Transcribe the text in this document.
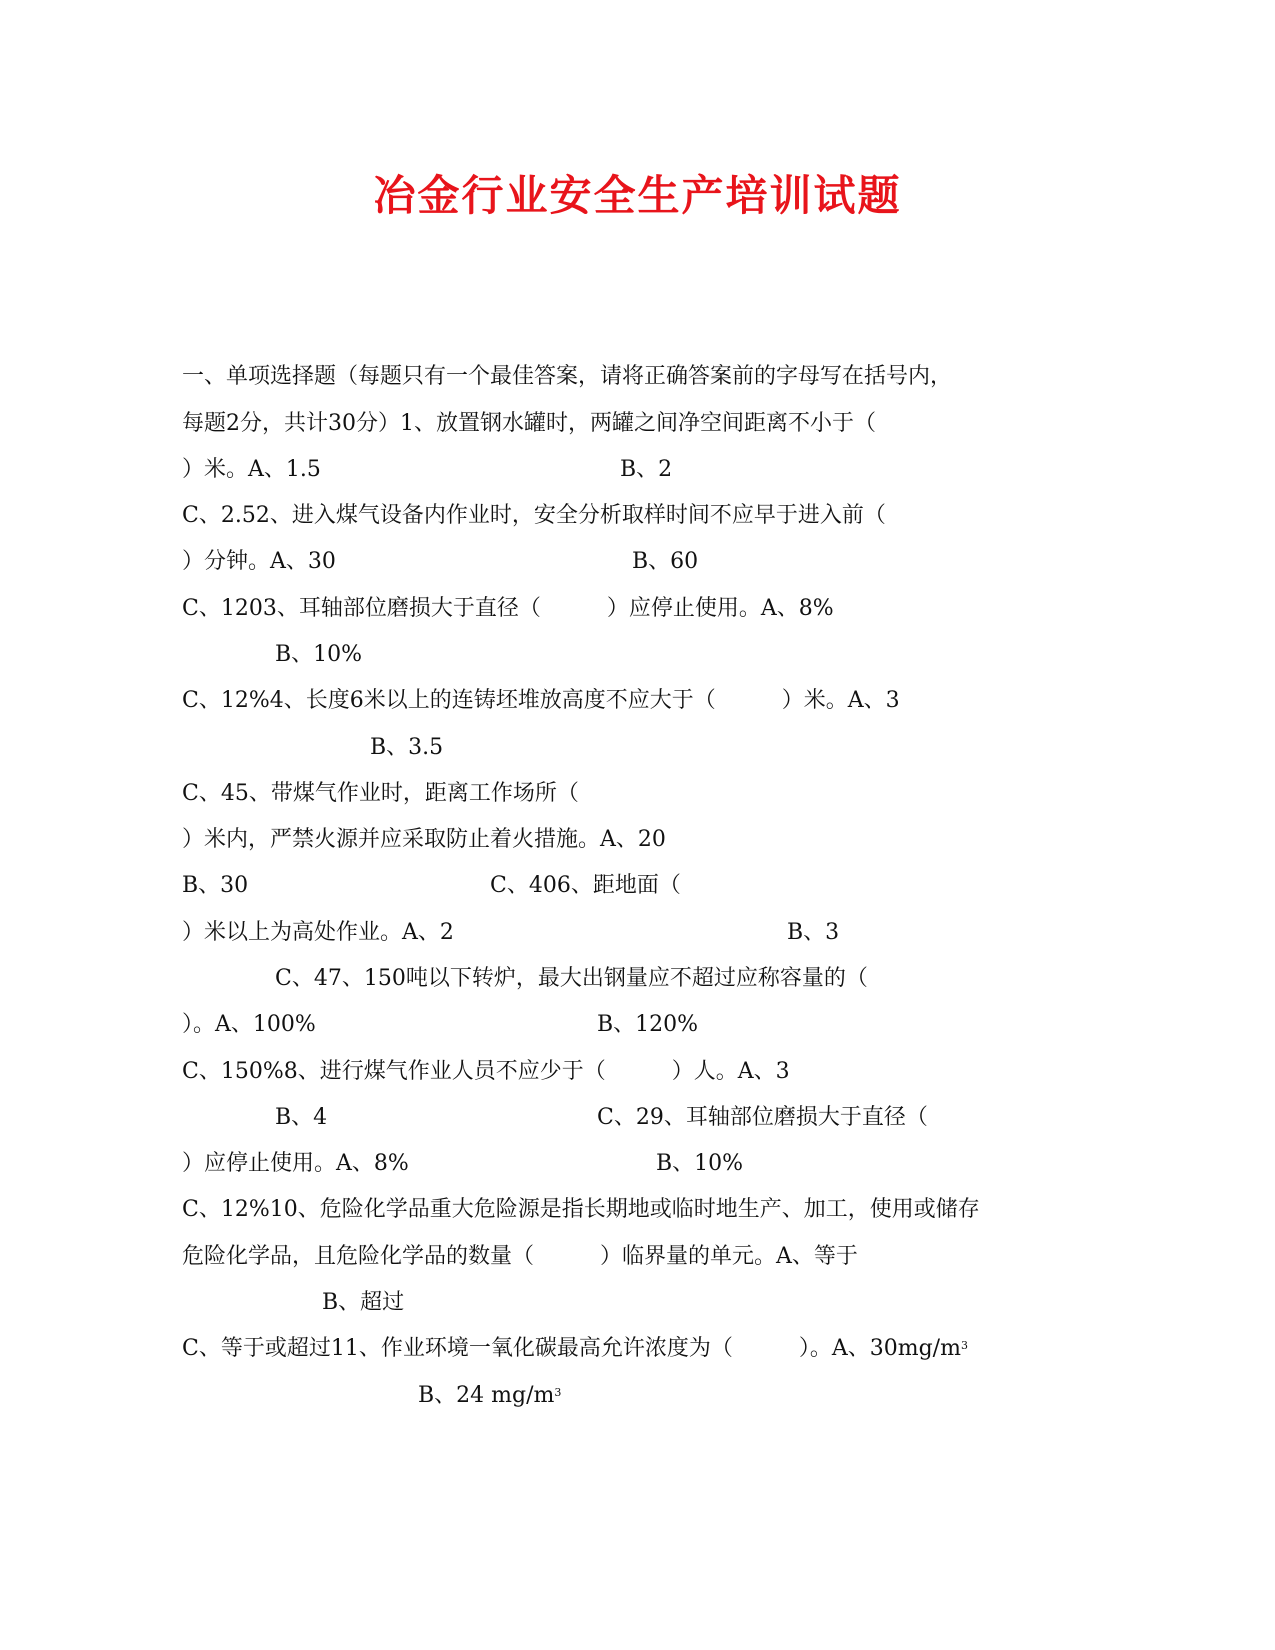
冶金行业安全生产培训试题
一、单项选择题（每题只有一个最佳答案，请将正确答案前的字母写在括号内，
每题2分，共计30分）1、放置钢水罐时，两罐之间净空间距离不小于（
）米。A、1.5	B、2
C、2.52、进入煤气设备内作业时，安全分析取样时间不应早于进入前（
）分钟。A、30	B、60
C、1203、耳轴部位磨损大于直径（　　　）应停止使用。A、8%
B、10%
C、12%4、长度6米以上的连铸坯堆放高度不应大于（　　　）米。A、3
B、3.5
C、45、带煤气作业时，距离工作场所（
）米内，严禁火源并应采取防止着火措施。A、20
B、30	C、406、距地面（
）米以上为高处作业。A、2	B、3
C、47、150吨以下转炉，最大出钢量应不超过应称容量的（
）。A、100%	B、120%
C、150%8、进行煤气作业人员不应少于（　　　）人。A、3
B、4	C、29、耳轴部位磨损大于直径（
）应停止使用。A、8%	B、10%
C、12%10、危险化学品重大危险源是指长期地或临时地生产、加工，使用或储存
危险化学品，且危险化学品的数量（　　　）临界量的单元。A、等于
B、超过
C、等于或超过11、作业环境一氧化碳最高允许浓度为（　　　）。A、$30mg/m^3$
B、24 $mg/m^3$
